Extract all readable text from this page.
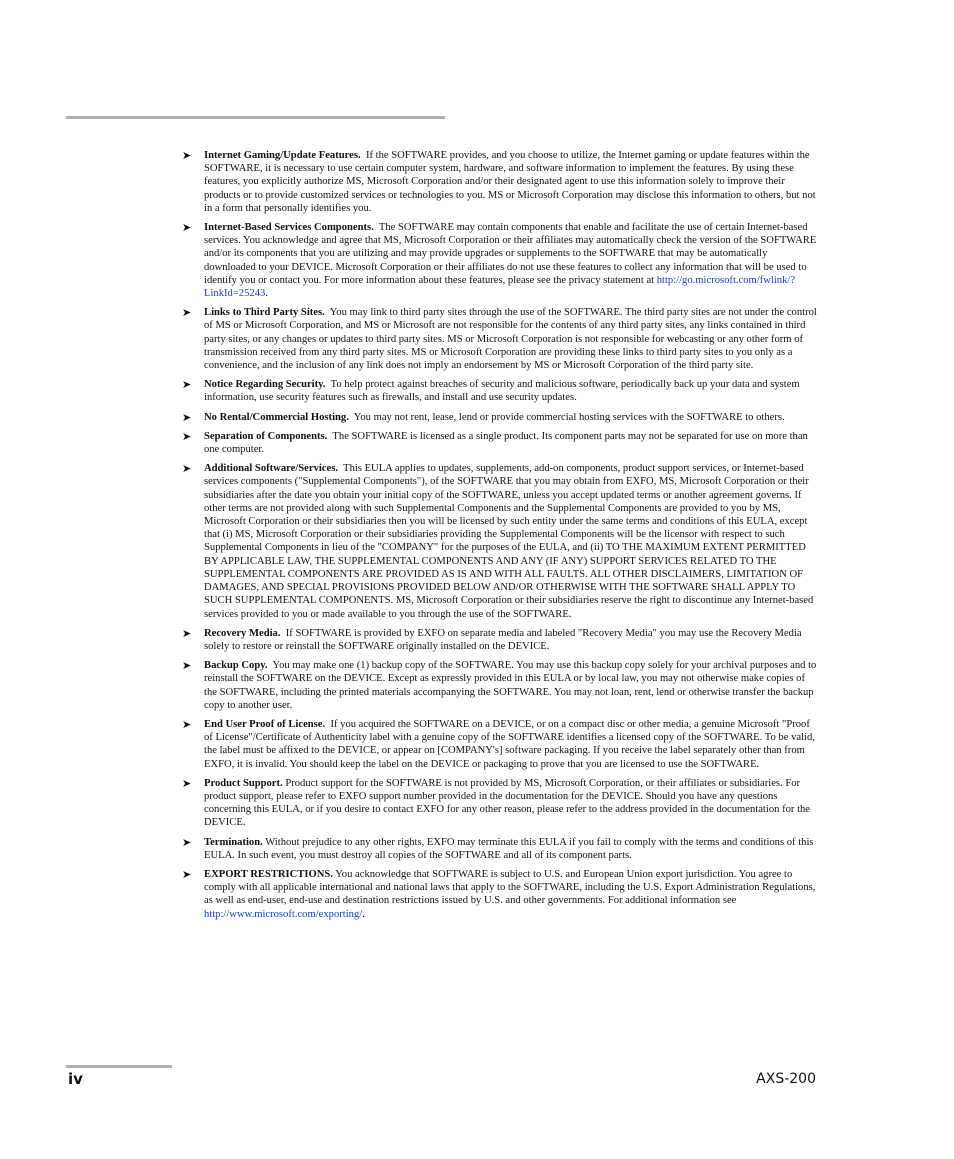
➤ Internet Gaming/Update Features. If the SOFTWARE provides, and you choose to utilize, the Internet gaming or update features within the SOFTWARE, it is necessary to use certain computer system, hardware, and software information to implement the features. By using these features, you explicitly authorize MS, Microsoft Corporation and/or their designated agent to use this information solely to improve their products or to provide customized services or technologies to you. MS or Microsoft Corporation may disclose this information to others, but not in a form that personally identifies you.
➤ Internet-Based Services Components. The SOFTWARE may contain components that enable and facilitate the use of certain Internet-based services. You acknowledge and agree that MS, Microsoft Corporation or their affiliates may automatically check the version of the SOFTWARE and/or its components that you are utilizing and may provide upgrades or supplements to the SOFTWARE that may be automatically downloaded to your DEVICE. Microsoft Corporation or their affiliates do not use these features to collect any information that will be used to identify you or contact you. For more information about these features, please see the privacy statement at http://go.microsoft.com/fwlink/?LinkId=25243.
➤ Links to Third Party Sites. You may link to third party sites through the use of the SOFTWARE. The third party sites are not under the control of MS or Microsoft Corporation, and MS or Microsoft are not responsible for the contents of any third party sites, any links contained in third party sites, or any changes or updates to third party sites. MS or Microsoft Corporation is not responsible for webcasting or any other form of transmission received from any third party sites. MS or Microsoft Corporation are providing these links to third party sites to you only as a convenience, and the inclusion of any link does not imply an endorsement by MS or Microsoft Corporation of the third party site.
➤ Notice Regarding Security. To help protect against breaches of security and malicious software, periodically back up your data and system information, use security features such as firewalls, and install and use security updates.
➤ No Rental/Commercial Hosting. You may not rent, lease, lend or provide commercial hosting services with the SOFTWARE to others.
➤ Separation of Components. The SOFTWARE is licensed as a single product. Its component parts may not be separated for use on more than one computer.
➤ Additional Software/Services. This EULA applies to updates, supplements, add-on components, product support services, or Internet-based services components ("Supplemental Components"), of the SOFTWARE that you may obtain from EXFO, MS, Microsoft Corporation or their subsidiaries after the date you obtain your initial copy of the SOFTWARE, unless you accept updated terms or another agreement governs. If other terms are not provided along with such Supplemental Components and the Supplemental Components are provided to you by MS, Microsoft Corporation or their subsidiaries then you will be licensed by such entity under the same terms and conditions of this EULA, except that (i) MS, Microsoft Corporation or their subsidiaries providing the Supplemental Components will be the licensor with respect to such Supplemental Components in lieu of the "COMPANY" for the purposes of the EULA, and (ii) TO THE MAXIMUM EXTENT PERMITTED BY APPLICABLE LAW, THE SUPPLEMENTAL COMPONENTS AND ANY (IF ANY) SUPPORT SERVICES RELATED TO THE SUPPLEMENTAL COMPONENTS ARE PROVIDED AS IS AND WITH ALL FAULTS. ALL OTHER DISCLAIMERS, LIMITATION OF DAMAGES, AND SPECIAL PROVISIONS PROVIDED BELOW AND/OR OTHERWISE WITH THE SOFTWARE SHALL APPLY TO SUCH SUPPLEMENTAL COMPONENTS. MS, Microsoft Corporation or their subsidiaries reserve the right to discontinue any Internet-based services provided to you or made available to you through the use of the SOFTWARE.
➤ Recovery Media. If SOFTWARE is provided by EXFO on separate media and labeled "Recovery Media" you may use the Recovery Media solely to restore or reinstall the SOFTWARE originally installed on the DEVICE.
➤ Backup Copy. You may make one (1) backup copy of the SOFTWARE. You may use this backup copy solely for your archival purposes and to reinstall the SOFTWARE on the DEVICE. Except as expressly provided in this EULA or by local law, you may not otherwise make copies of the SOFTWARE, including the printed materials accompanying the SOFTWARE. You may not loan, rent, lend or otherwise transfer the backup copy to another user.
➤ End User Proof of License. If you acquired the SOFTWARE on a DEVICE, or on a compact disc or other media, a genuine Microsoft "Proof of License"/Certificate of Authenticity label with a genuine copy of the SOFTWARE identifies a licensed copy of the SOFTWARE. To be valid, the label must be affixed to the DEVICE, or appear on [COMPANY's] software packaging. If you receive the label separately other than from EXFO, it is invalid. You should keep the label on the DEVICE or packaging to prove that you are licensed to use the SOFTWARE.
➤ Product Support. Product support for the SOFTWARE is not provided by MS, Microsoft Corporation, or their affiliates or subsidiaries. For product support, please refer to EXFO support number provided in the documentation for the DEVICE. Should you have any questions concerning this EULA, or if you desire to contact EXFO for any other reason, please refer to the address provided in the documentation for the DEVICE.
➤ Termination. Without prejudice to any other rights, EXFO may terminate this EULA if you fail to comply with the terms and conditions of this EULA. In such event, you must destroy all copies of the SOFTWARE and all of its component parts.
➤ EXPORT RESTRICTIONS. You acknowledge that SOFTWARE is subject to U.S. and European Union export jurisdiction. You agree to comply with all applicable international and national laws that apply to the SOFTWARE, including the U.S. Export Administration Regulations, as well as end-user, end-use and destination restrictions issued by U.S. and other governments. For additional information see http://www.microsoft.com/exporting/.
iv	AXS-200
